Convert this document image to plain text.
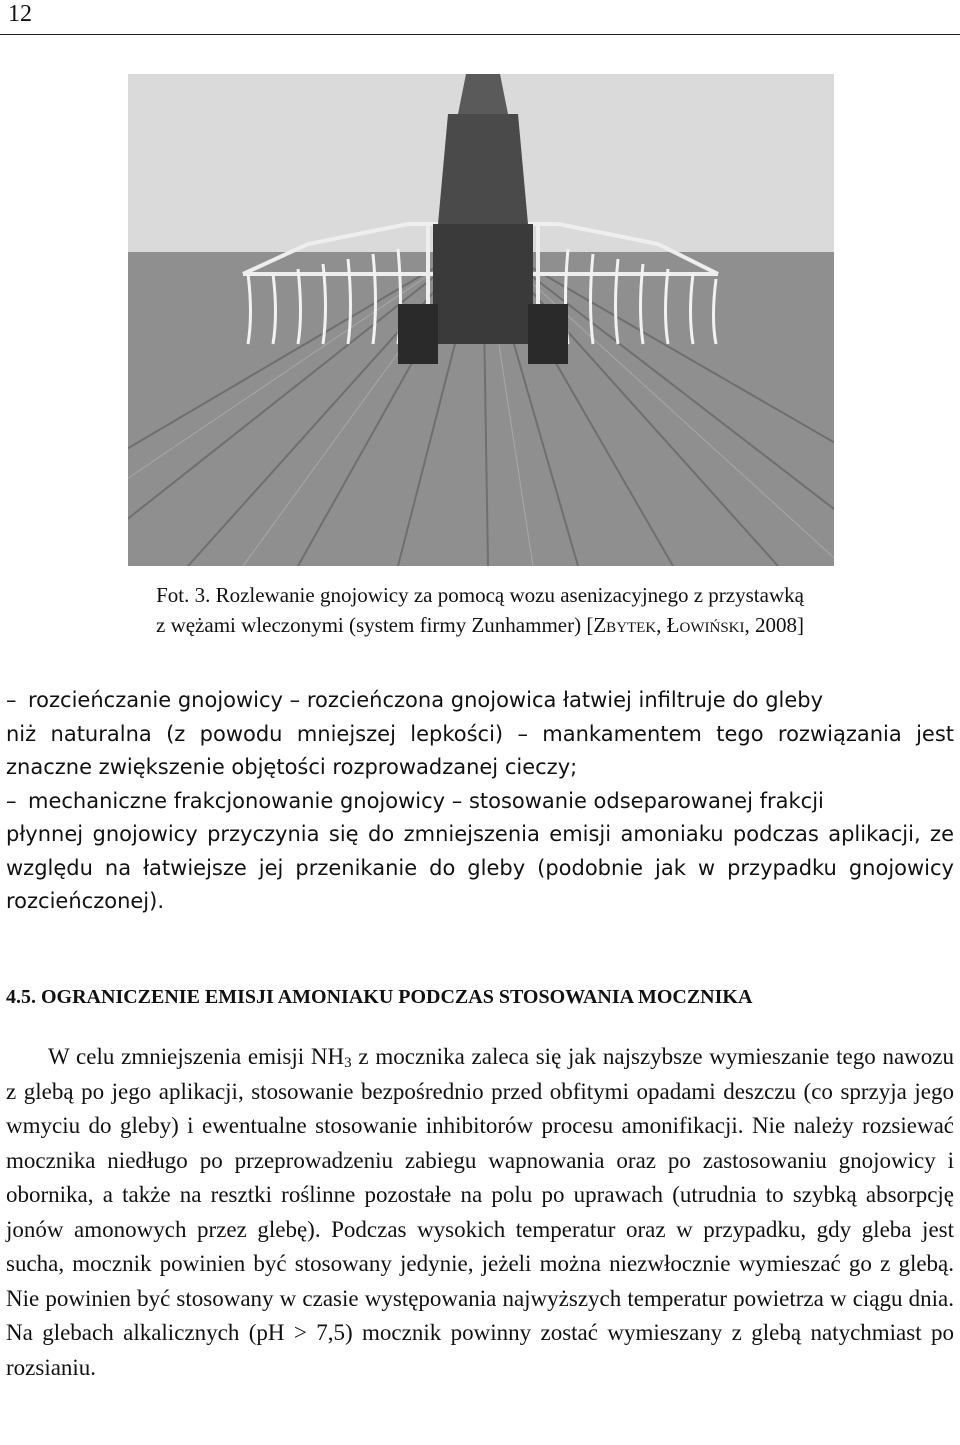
12
Fot. 3. Rozlewanie gnojowicy za pomocą wozu asenizacyjnego z przystawką
z wężami wleczonymi (system firmy Zunhammer) [Zbytek, Łowiński, 2008]
– rozcieńczanie gnojowicy – rozcieńczona gnojowica łatwiej infiltruje do gleby
niż naturalna (z powodu mniejszej lepkości) – mankamentem tego rozwiązania jest znaczne zwiększenie objętości rozprowadzanej cieczy;
– mechaniczne frakcjonowanie gnojowicy – stosowanie odseparowanej frakcji
płynnej gnojowicy przyczynia się do zmniejszenia emisji amoniaku podczas aplikacji, ze względu na łatwiejsze jej przenikanie do gleby (podobnie jak w przypadku gnojowicy rozcieńczonej).
4.5. OGRANICZENIE EMISJI AMONIAKU PODCZAS STOSOWANIA MOCZNIKA

W celu zmniejszenia emisji $NH_3$ z mocznika zaleca się jak najszybsze wymieszanie tego nawozu z glebą po jego aplikacji, stosowanie bezpośrednio przed obfitymi opadami deszczu (co sprzyja jego wmyciu do gleby) i ewentualne stosowanie inhibitorów procesu amonifikacji. Nie należy rozsiewać mocznika niedługo po przeprowadzeniu zabiegu wapnowania oraz po zastosowaniu gnojowicy i obornika, a także na resztki roślinne pozostałe na polu po uprawach (utrudnia to szybką absorpcję jonów amonowych przez glebę). Podczas wysokich temperatur oraz w przypadku, gdy gleba jest sucha, mocznik powinien być stosowany jedynie, jeżeli można niezwłocznie wymieszać go z glebą. Nie powinien być stosowany w czasie występowania najwyższych temperatur powietrza w ciągu dnia. Na glebach alkalicznych (pH > 7,5) mocznik powinny zostać wymieszany z glebą natychmiast po rozsianiu.
